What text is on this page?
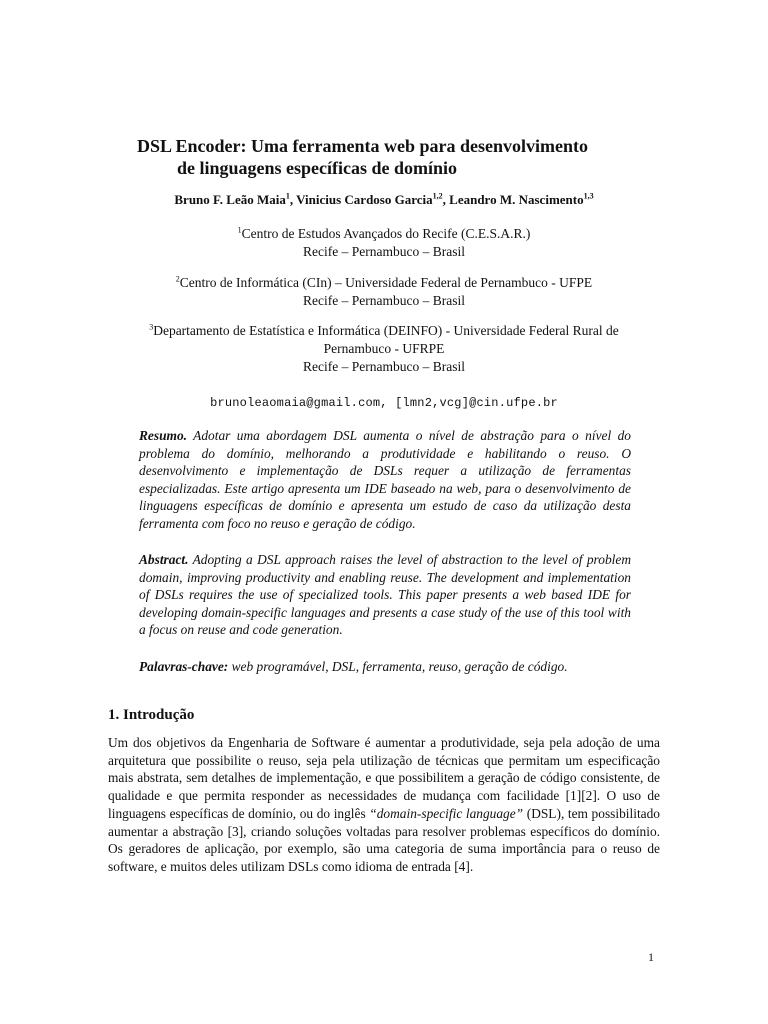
DSL Encoder: Uma ferramenta web para desenvolvimento
de linguagens específicas de domínio
Bruno F. Leão Maia$^1$, Vinicius Cardoso Garcia$^{1,2}$, Leandro M. Nascimento$^{1,3}$
$^1$Centro de Estudos Avançados do Recife (C.E.S.A.R.)
Recife – Pernambuco – Brasil
$^2$Centro de Informática (CIn) – Universidade Federal de Pernambuco - UFPE
Recife – Pernambuco – Brasil
$^3$Departamento de Estatística e Informática (DEINFO) - Universidade Federal Rural de
Pernambuco - UFRPE
Recife – Pernambuco – Brasil
brunoleaomaia@gmail.com, [lmn2,vcg]@cin.ufpe.br
Resumo. Adotar uma abordagem DSL aumenta o nível de abstração para o nível do problema do domínio, melhorando a produtividade e habilitando o reuso. O desenvolvimento e implementação de DSLs requer a utilização de ferramentas especializadas. Este artigo apresenta um IDE baseado na web, para o desenvolvimento de linguagens específicas de domínio e apresenta um estudo de caso da utilização desta ferramenta com foco no reuso e geração de código.
Abstract. Adopting a DSL approach raises the level of abstraction to the level of problem domain, improving productivity and enabling reuse. The development and implementation of DSLs requires the use of specialized tools. This paper presents a web based IDE for developing domain-specific languages and presents a case study of the use of this tool with a focus on reuse and code generation.
Palavras-chave: web programável, DSL, ferramenta, reuso, geração de código.
1. Introdução
Um dos objetivos da Engenharia de Software é aumentar a produtividade, seja pela adoção de uma arquitetura que possibilite o reuso, seja pela utilização de técnicas que permitam um especificação mais abstrata, sem detalhes de implementação, e que possibilitem a geração de código consistente, de qualidade e que permita responder as necessidades de mudança com facilidade [1][2]. O uso de linguagens específicas de domínio, ou do inglês “domain-specific language” (DSL), tem possibilitado aumentar a abstração [3], criando soluções voltadas para resolver problemas específicos do domínio. Os geradores de aplicação, por exemplo, são uma categoria de suma importância para o reuso de software, e muitos deles utilizam DSLs como idioma de entrada [4].
1
